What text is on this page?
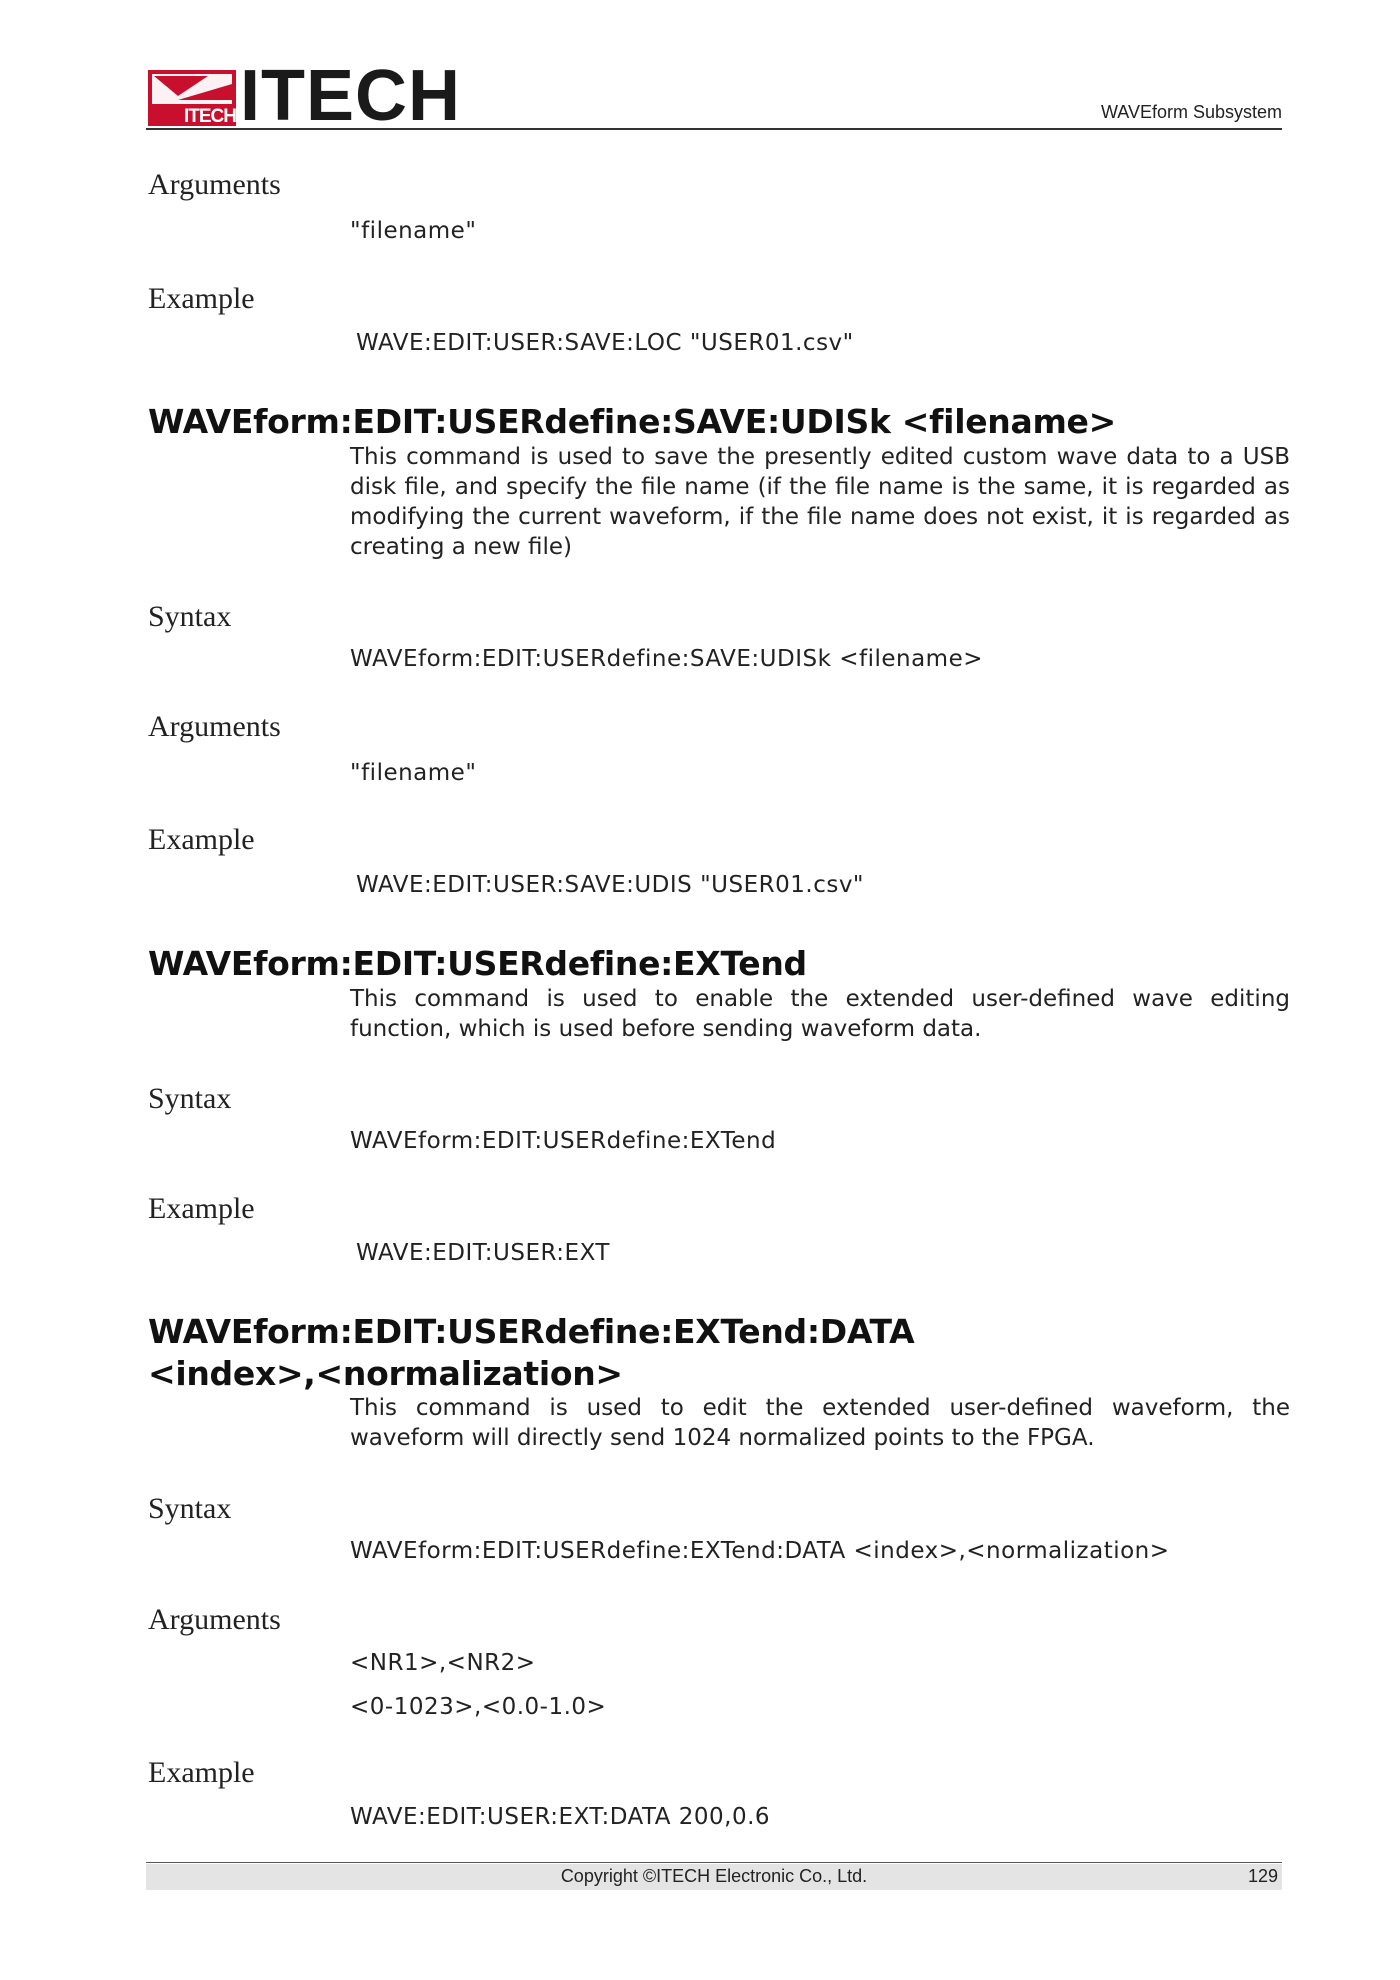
ITECH ITECH	WAVEform Subsystem
Arguments
"filename"
Example
WAVE:EDIT:USER:SAVE:LOC "USER01.csv"
WAVEform:EDIT:USERdefine:SAVE:UDISk <filename>
This command is used to save the presently edited custom wave data to a USB disk file, and specify the file name (if the file name is the same, it is regarded as modifying the current waveform, if the file name does not exist, it is regarded as creating a new file)
Syntax
WAVEform:EDIT:USERdefine:SAVE:UDISk <filename>
Arguments
"filename"
Example
WAVE:EDIT:USER:SAVE:UDIS "USER01.csv"
WAVEform:EDIT:USERdefine:EXTend
This command is used to enable the extended user-defined wave editing function, which is used before sending waveform data.
Syntax
WAVEform:EDIT:USERdefine:EXTend
Example
WAVE:EDIT:USER:EXT
WAVEform:EDIT:USERdefine:EXTend:DATA
<index>,<normalization>
This command is used to edit the extended user-defined waveform, the waveform will directly send 1024 normalized points to the FPGA.
Syntax
WAVEform:EDIT:USERdefine:EXTend:DATA <index>,<normalization>
Arguments
<NR1>,<NR2>
<0-1023>,<0.0-1.0>
Example
WAVE:EDIT:USER:EXT:DATA 200,0.6
Copyright ©ITECH Electronic Co., Ltd.	129
